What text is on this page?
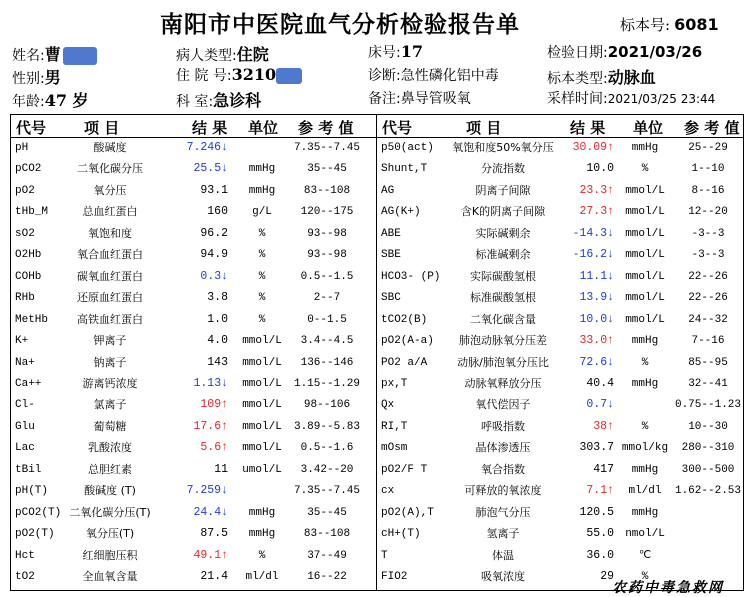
南阳市中医院血气分析检验报告单	标本号: 6081
姓名:曹
性别:男
年龄:47 岁
病人类型:住院
住 院 号:3210
科 室:急诊科
床号:17
诊断:急性磷化铝中毒
备注:鼻导管吸氧
检验日期:2021/03/26
标本类型:动脉血
采样时间:2021/03/25 23:44
代号	项 目	结 果 单位 参 考 值 代号	项 目	结 果 单位 参 考 值
pH	酸碱度	7.246↓	7.35--7.45
pCO2	二氧化碳分压	25.5↓	mmHg	35--45
pO2	氧分压	93.1	mmHg	83--108
tHb_M	总血红蛋白	160	g/L	120--175
sO2	氧饱和度	96.2	%	93--98
O2Hb	氧合血红蛋白	94.9	%	93--98
COHb	碳氧血红蛋白	0.3↓	%	0.5--1.5
RHb	还原血红蛋白	3.8	%	2--7
MetHb	高铁血红蛋白	1.0	%	0--1.5
K+	钾离子	4.0	mmol/L	3.4--4.5
Na+	钠离子	143	mmol/L	136--146
Ca++	游离钙浓度	1.13↓	mmol/L	1.15--1.29
Cl-	氯离子	109↑	mmol/L	98--106
Glu	葡萄糖	17.6↑	mmol/L	3.89--5.83
Lac	乳酸浓度	5.6↑	mmol/L	0.5--1.6
tBil	总胆红素	11	umol/L	3.42--20
pH(T)	酸碱度 (T)	7.259↓	7.35--7.45
pCO2(T) 二氧化碳分压(T)	24.4↓	mmHg	35--45
pO2(T)	氧分压(T)	87.5	mmHg	83--108
Hct	红细胞压积	49.1↑	%	37--49
tO2	全血氧含量	21.4	ml/dl	16--22
p50(act)	氧饱和度50%氧分压	30.09↑	mmHg	25--29
Shunt,T	分流指数	10.0	%	1--10
AG	阴离子间隙	23.3↑	mmol/L	8--16
AG(K+)	含K的阴离子间隙	27.3↑	mmol/L	12--20
ABE	实际碱剩余	-14.3↓	mmol/L	-3--3
SBE	标准碱剩余	-16.2↓	mmol/L	-3--3
HCO3- (P)	实际碳酸氢根	11.1↓	mmol/L	22--26
SBC	标准碳酸氢根	13.9↓	mmol/L	22--26
tCO2(B)	二氧化碳含量	10.0↓	mmol/L	24--32
pO2(A-a)	肺泡动脉氧分压差	33.0↑	mmHg	7--16
PO2 a/A	动脉/肺泡氧分压比	72.6↓	%	85--95
px,T	动脉氧释放分压	40.4	mmHg	32--41
Qx	氧代偿因子	0.7↓	0.75--1.23
RI,T	呼吸指数	38↑	%	10--30
mOsm	晶体渗透压	303.7 mmol/kg	280--310
pO2/F T	氧合指数	417	mmHg	300--500
cx	可释放的氧浓度	7.1↑	ml/dl	1.62--2.53
pO2(A),T	肺泡气分压	120.5	mmHg
cH+(T)	氢离子	55.0	nmol/L
T	体温	36.0	℃
FIO2	吸氧浓度	29	%
农药中毒急救网
